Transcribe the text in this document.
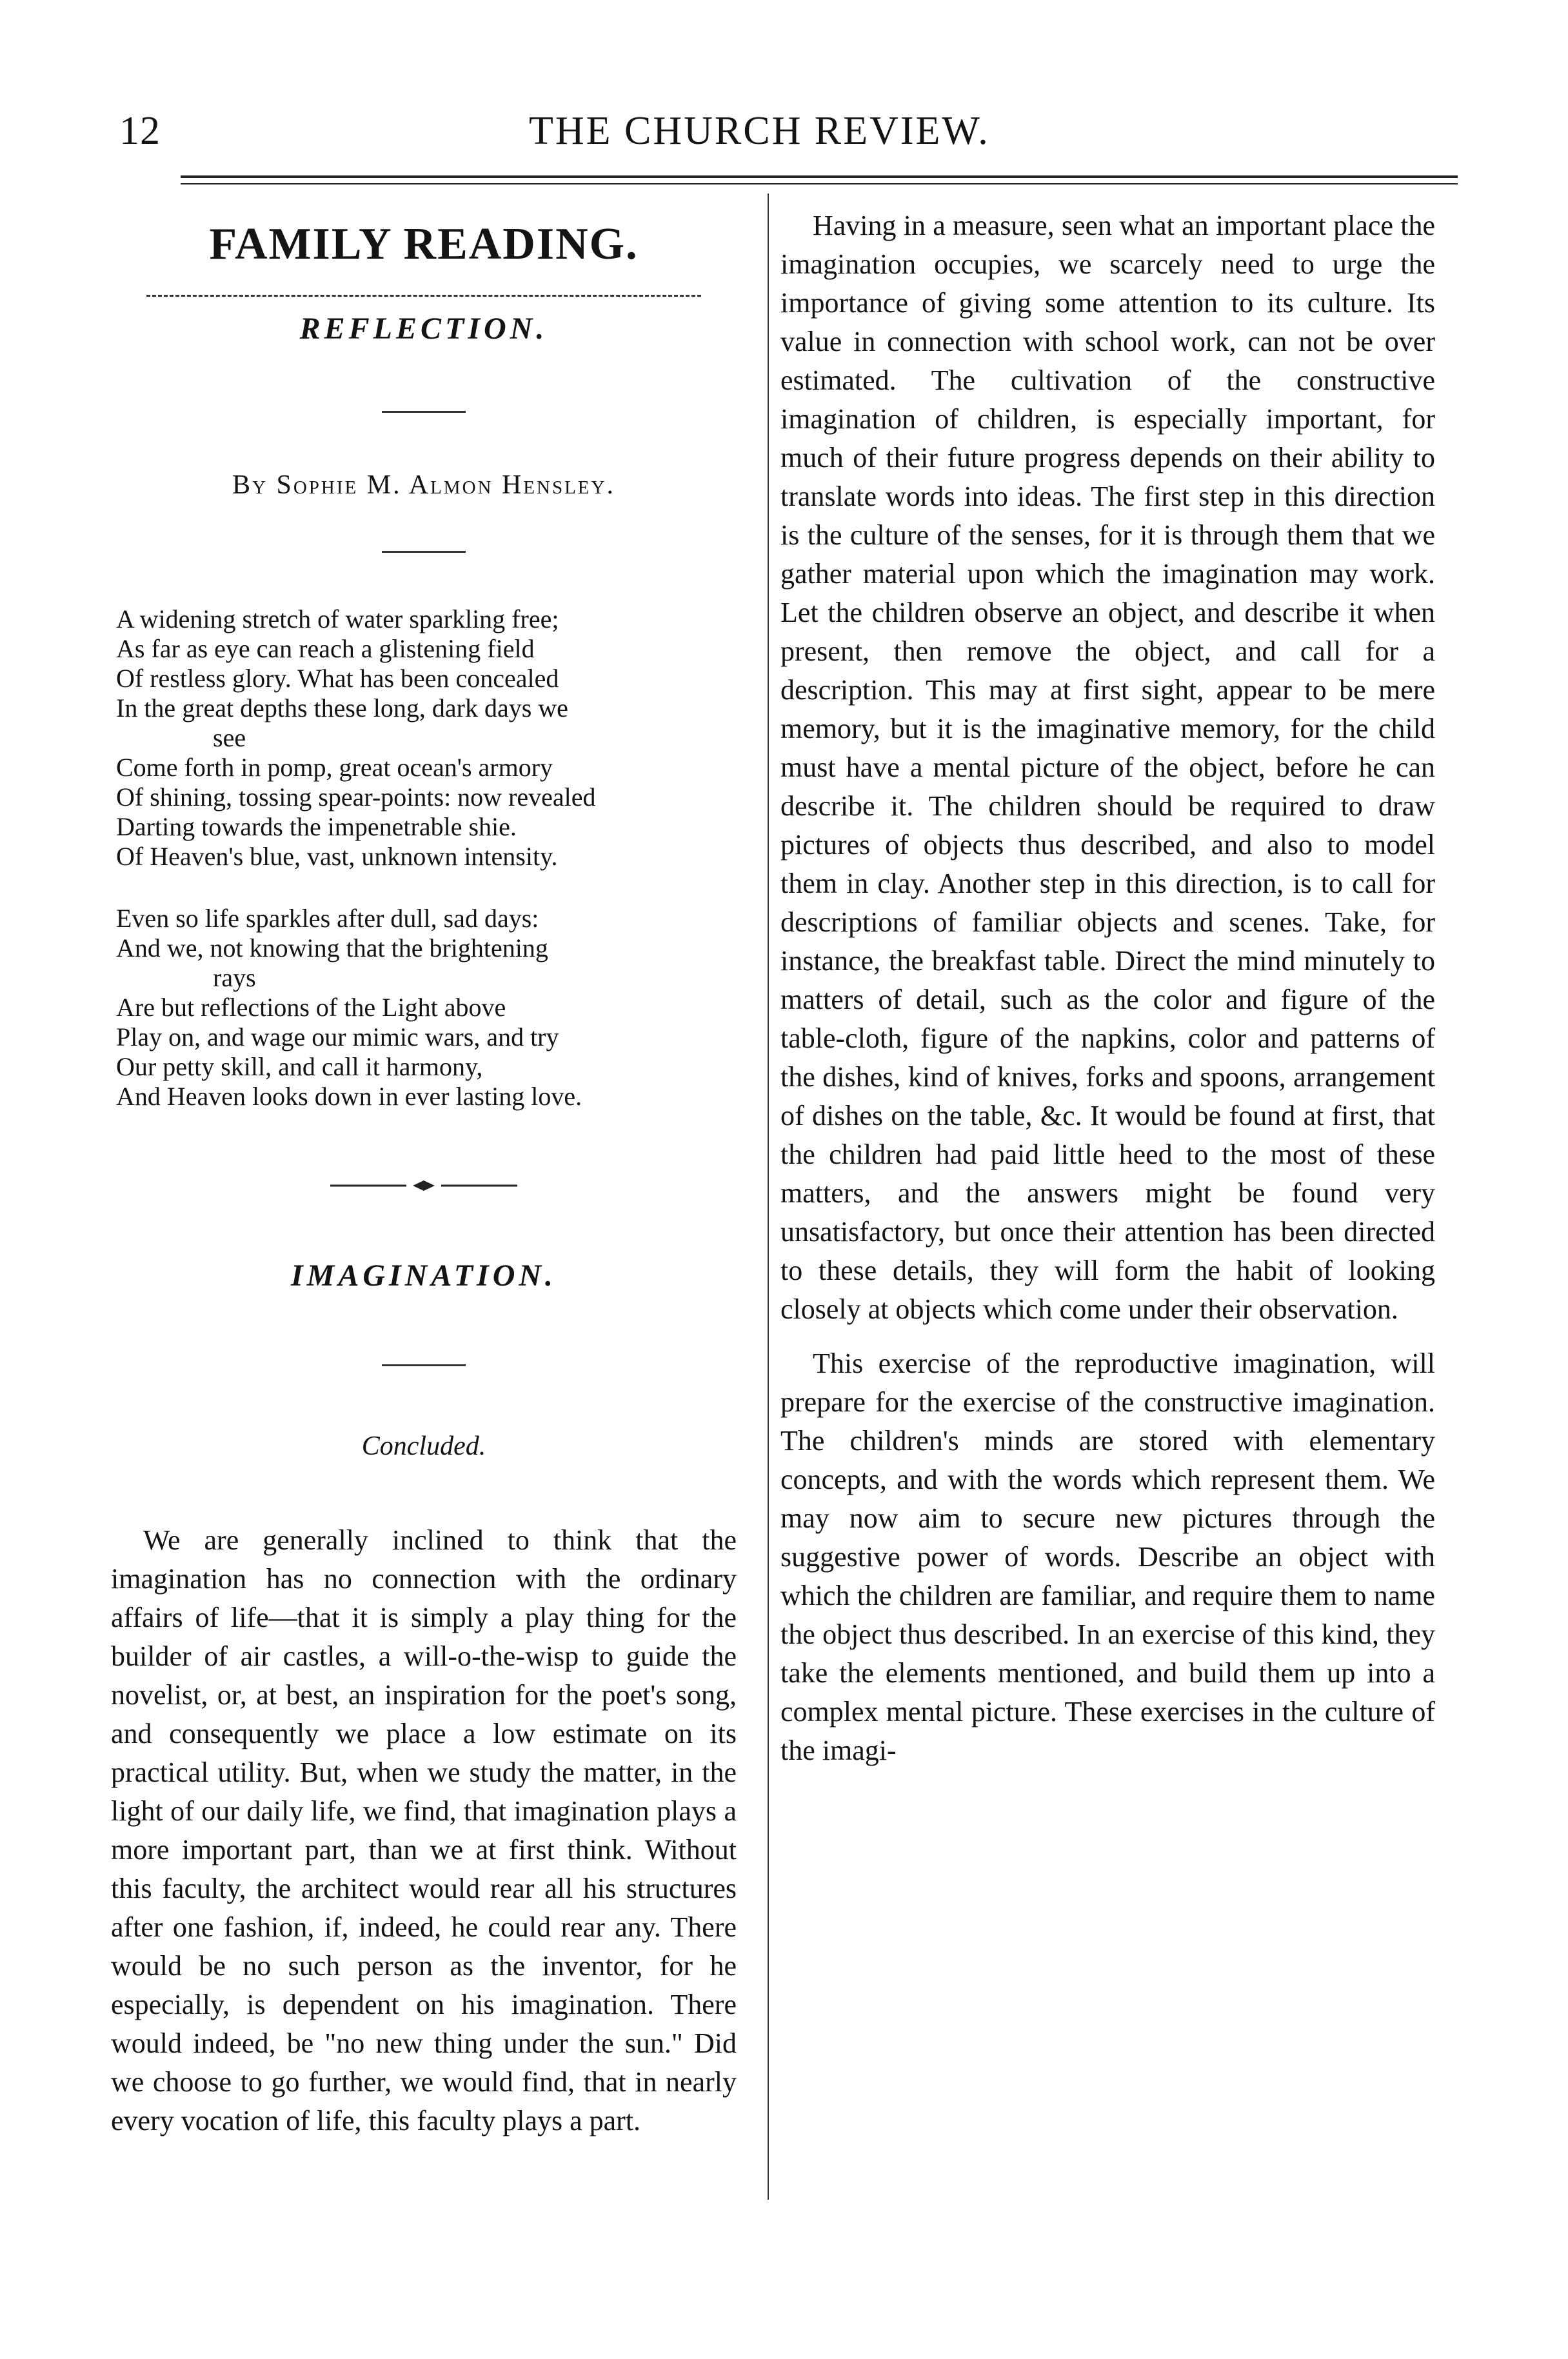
12	THE CHURCH REVIEW.
FAMILY READING.
REFLECTION.

By Sophie M. Almon Hensley.

A widening stretch of water sparkling free;
As far as eye can reach a glistening field
Of restless glory. What has been concealed
In the great depths these long, dark days we
see
Come forth in pomp, great ocean's armory
Of shining, tossing spear-points: now revealed
Darting towards the impenetrable shie.
Of Heaven's blue, vast, unknown intensity.
Even so life sparkles after dull, sad days:
And we, not knowing that the brightening
rays
Are but reflections of the Light above
Play on, and wage our mimic wars, and try
Our petty skill, and call it harmony,
And Heaven looks down in ever lasting love.
IMAGINATION.

Concluded.

We are generally inclined to think that the imagination has no connection with the ordinary affairs of life—that it is simply a play thing for the builder of air castles, a will-o-the-wisp to guide the novelist, or, at best, an inspiration for the poet's song, and consequently we place a low estimate on its practical utility. But, when we study the matter, in the light of our daily life, we find, that imagination plays a more important part, than we at first think. Without this faculty, the architect would rear all his structures after one fashion, if, indeed, he could rear any. There would be no such person as the inventor, for he especially, is dependent on his imagination. There would indeed, be "no new thing under the sun." Did we choose to go further, we would find, that in nearly every vocation of life, this faculty plays a part.

Having in a measure, seen what an important place the imagination occupies, we scarcely need to urge the importance of giving some attention to its culture. Its value in connection with school work, can not be over estimated. The cultivation of the constructive imagination of children, is especially important, for much of their future progress depends on their ability to translate words into ideas. The first step in this direction is the culture of the senses, for it is through them that we gather material upon which the imagination may work. Let the children observe an object, and describe it when present, then remove the object, and call for a description. This may at first sight, appear to be mere memory, but it is the imaginative memory, for the child must have a mental picture of the object, before he can describe it. The children should be required to draw pictures of objects thus described, and also to model them in clay. Another step in this direction, is to call for descriptions of familiar objects and scenes. Take, for instance, the breakfast table. Direct the mind minutely to matters of detail, such as the color and figure of the table-cloth, figure of the napkins, color and patterns of the dishes, kind of knives, forks and spoons, arrangement of dishes on the table, &c. It would be found at first, that the children had paid little heed to the most of these matters, and the answers might be found very unsatisfactory, but once their attention has been directed to these details, they will form the habit of looking closely at objects which come under their observation.

This exercise of the reproductive imagination, will prepare for the exercise of the constructive imagination. The children's minds are stored with elementary concepts, and with the words which represent them. We may now aim to secure new pictures through the suggestive power of words. Describe an object with which the children are familiar, and require them to name the object thus described. In an exercise of this kind, they take the elements mentioned, and build them up into a complex mental picture. These exercises in the culture of the imagi-
